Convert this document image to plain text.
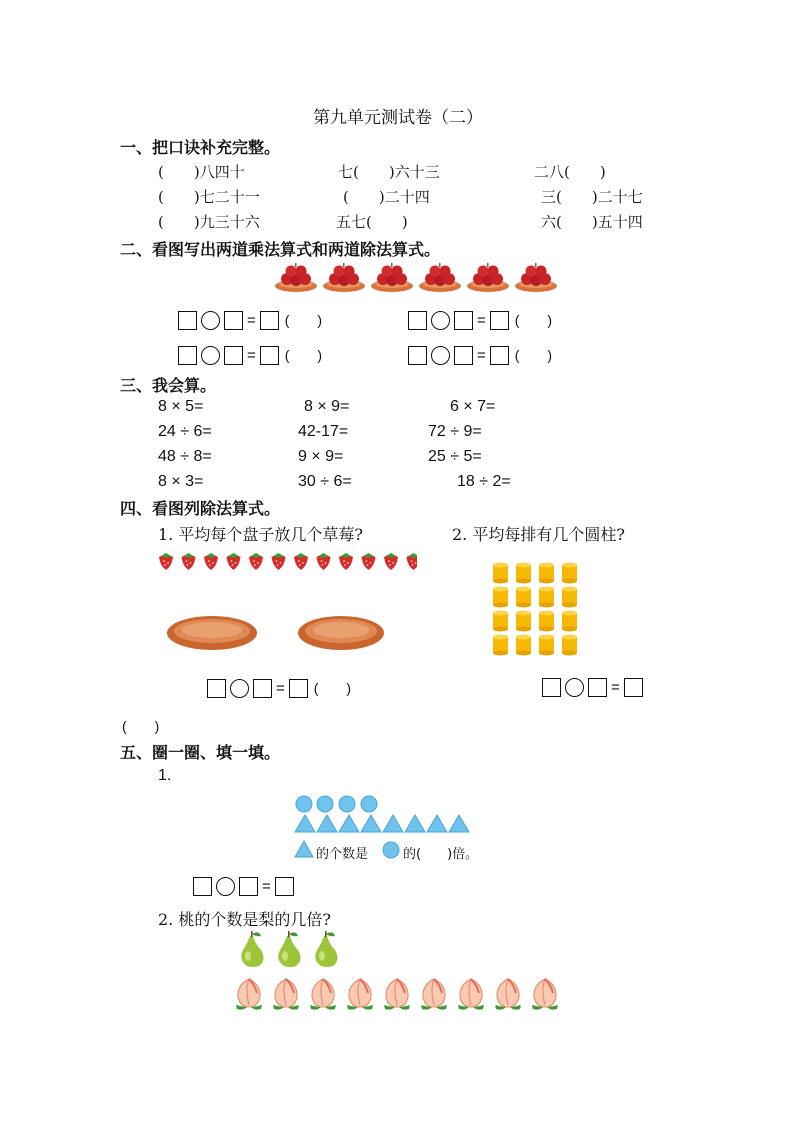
第九单元测试卷（二）
一、把口诀补充完整。
(　　)八四十	七(　　)六十三	二八(　　)
(　　)七二十一	(　　)二十四	三(　　)二十七
(　　)九三十六	五七(　　)	六(　　)五十四
二、看图写出两道乘法算式和两道除法算式。
= (　　)	= (　　)
= (　　)	= (　　)
三、我会算。
8 × 5=	8 × 9=	6 × 7=
24 ÷ 6=	42-17=	72 ÷ 9=
48 ÷ 8=	9 × 9=	25 ÷ 5=
8 × 3=	30 ÷ 6=	18 ÷ 2=
四、看图列除法算式。
1. 平均每个盘子放几个草莓?	2. 平均每排有几个圆柱?
= (　　)	=
(　　)
五、圈一圈、填一填。
1.
的个数是	的(　　)倍。
=
2. 桃的个数是梨的几倍?
